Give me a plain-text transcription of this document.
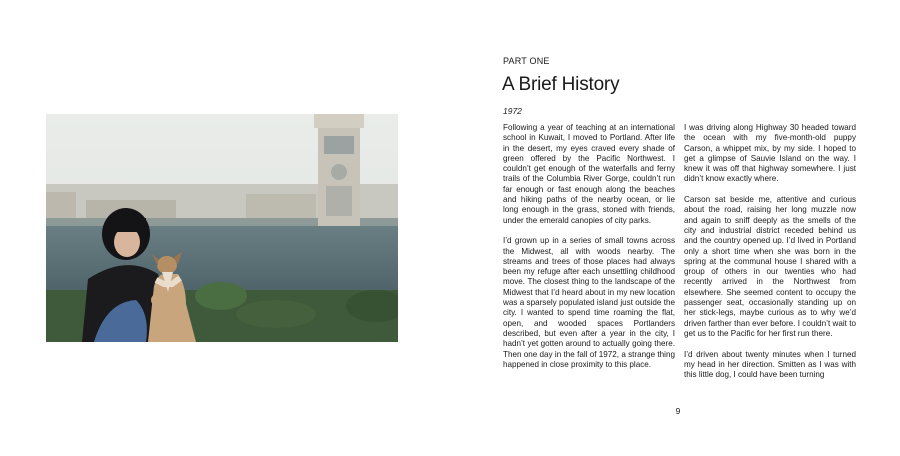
PART ONE
A Brief History
1972

Following a year of teaching at an international school in Kuwait, I moved to Portland. After life in the desert, my eyes craved every shade of green offered by the Pacific Northwest. I couldn’t get enough of the waterfalls and ferny trails of the Columbia River Gorge, couldn’t run far enough or fast enough along the beaches and hiking paths of the nearby ocean, or lie long enough in the grass, stoned with friends, under the emerald canopies of city parks.

I’d grown up in a series of small towns across the Midwest, all with woods nearby. The streams and trees of those places had always been my refuge after each unsettling childhood move. The closest thing to the landscape of the Midwest that I’d heard about in my new location was a sparsely populated island just outside the city. I wanted to spend time roaming the flat, open, and wooded spaces Portlanders described, but even after a year in the city, I hadn’t yet gotten around to actually going there. Then one day in the fall of 1972, a strange thing happened in close proximity to this place.

I was driving along Highway 30 headed toward the ocean with my five-month-old puppy Carson, a whippet mix, by my side. I hoped to get a glimpse of Sauvie Island on the way. I knew it was off that highway somewhere. I just didn’t know exactly where.

Carson sat beside me, attentive and curious about the road, raising her long muzzle now and again to sniff deeply as the smells of the city and industrial district receded behind us and the country opened up. I’d lived in Portland only a short time when she was born in the spring at the communal house I shared with a group of others in our twenties who had recently arrived in the Northwest from elsewhere. She seemed content to occupy the passenger seat, occasionally standing up on her stick-legs, maybe curious as to why we’d driven farther than ever before. I couldn’t wait to get us to the Pacific for her first run there.

I’d driven about twenty minutes when I turned my head in her direction. Smitten as I was with this little dog, I could have been turning

9
